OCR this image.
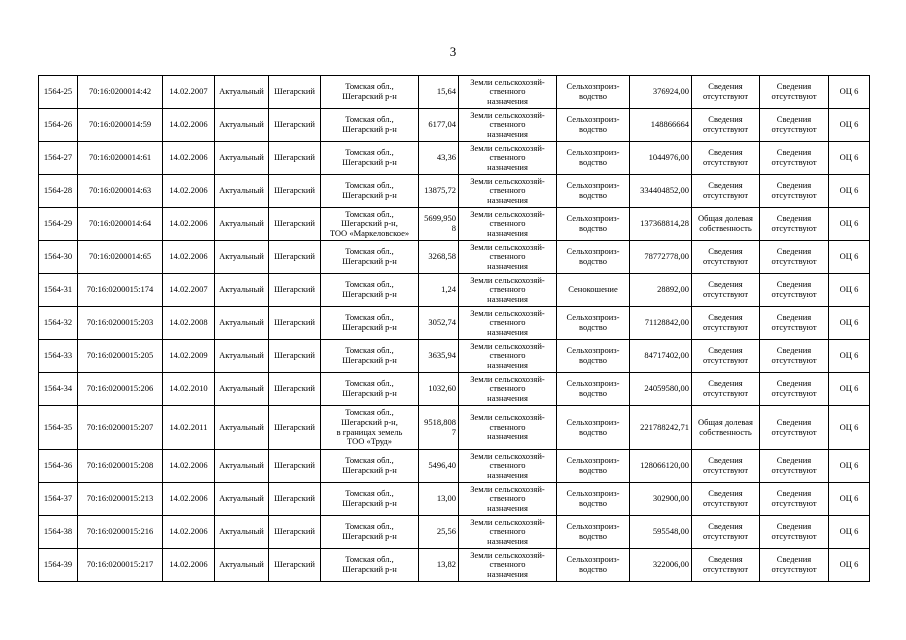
3
1564-25	70:16:0200014:42	14.02.2007	Актуальный	Шегарский	Томская обл.,
Шегарский р-н	15,64	Земли сельскохозяй-
ственного
назначения	Сельхозпроиз-
водство	376924,00	Сведения
отсутствуют	Сведения
отсутствуют	ОЦ 6
1564-26	70:16:0200014:59	14.02.2006	Актуальный	Шегарский	Томская обл.,
Шегарский р-н	6177,04	Земли сельскохозяй-
ственного
назначения	Сельхозпроиз-
водство	148866664	Сведения
отсутствуют	Сведения
отсутствуют	ОЦ 6
1564-27	70:16:0200014:61	14.02.2006	Актуальный	Шегарский	Томская обл.,
Шегарский р-н	43,36	Земли сельскохозяй-
ственного
назначения	Сельхозпроиз-
водство	1044976,00	Сведения
отсутствуют	Сведения
отсутствуют	ОЦ 6
1564-28	70:16:0200014:63	14.02.2006	Актуальный	Шегарский	Томская обл.,
Шегарский р-н	13875,72	Земли сельскохозяй-
ственного
назначения	Сельхозпроиз-
водство	334404852,00	Сведения
отсутствуют	Сведения
отсутствуют	ОЦ 6
1564-29	70:16:0200014:64	14.02.2006	Актуальный	Шегарский	Томская обл.,
Шегарский р-н,
ТОО «Маркеловское»	5699,9508	Земли сельскохозяй-
ственного
назначения	Сельхозпроиз-
водство	137368814,28	Общая долевая
собственность	Сведения
отсутствуют	ОЦ 6
1564-30	70:16:0200014:65	14.02.2006	Актуальный	Шегарский	Томская обл.,
Шегарский р-н	3268,58	Земли сельскохозяй-
ственного
назначения	Сельхозпроиз-
водство	78772778,00	Сведения
отсутствуют	Сведения
отсутствуют	ОЦ 6
1564-31	70:16:0200015:174	14.02.2007	Актуальный	Шегарский	Томская обл.,
Шегарский р-н	1,24	Земли сельскохозяй-
ственного
назначения	Сенокошение	28892,00	Сведения
отсутствуют	Сведения
отсутствуют	ОЦ 6
1564-32	70:16:0200015:203	14.02.2008	Актуальный	Шегарский	Томская обл.,
Шегарский р-н	3052,74	Земли сельскохозяй-
ственного
назначения	Сельхозпроиз-
водство	71128842,00	Сведения
отсутствуют	Сведения
отсутствуют	ОЦ 6
1564-33	70:16:0200015:205	14.02.2009	Актуальный	Шегарский	Томская обл.,
Шегарский р-н	3635,94	Земли сельскохозяй-
ственного
назначения	Сельхозпроиз-
водство	84717402,00	Сведения
отсутствуют	Сведения
отсутствуют	ОЦ 6
1564-34	70:16:0200015:206	14.02.2010	Актуальный	Шегарский	Томская обл.,
Шегарский р-н	1032,60	Земли сельскохозяй-
ственного
назначения	Сельхозпроиз-
водство	24059580,00	Сведения
отсутствуют	Сведения
отсутствуют	ОЦ 6
1564-35	70:16:0200015:207	14.02.2011	Актуальный	Шегарский	Томская обл.,
Шегарский р-н,
в границах земель
ТОО «Труд»	9518,8087	Земли сельскохозяй-
ственного
назначения	Сельхозпроиз-
водство	221788242,71	Общая долевая
собственность	Сведения
отсутствуют	ОЦ 6
1564-36	70:16:0200015:208	14.02.2006	Актуальный	Шегарский	Томская обл.,
Шегарский р-н	5496,40	Земли сельскохозяй-
ственного
назначения	Сельхозпроиз-
водство	128066120,00	Сведения
отсутствуют	Сведения
отсутствуют	ОЦ 6
1564-37	70:16:0200015:213	14.02.2006	Актуальный	Шегарский	Томская обл.,
Шегарский р-н	13,00	Земли сельскохозяй-
ственного
назначения	Сельхозпроиз-
водство	302900,00	Сведения
отсутствуют	Сведения
отсутствуют	ОЦ 6
1564-38	70:16:0200015:216	14.02.2006	Актуальный	Шегарский	Томская обл.,
Шегарский р-н	25,56	Земли сельскохозяй-
ственного
назначения	Сельхозпроиз-
водство	595548,00	Сведения
отсутствуют	Сведения
отсутствуют	ОЦ 6
1564-39	70:16:0200015:217	14.02.2006	Актуальный	Шегарский	Томская обл.,
Шегарский р-н	13,82	Земли сельскохозяй-
ственного
назначения	Сельхозпроиз-
водство	322006,00	Сведения
отсутствуют	Сведения
отсутствуют	ОЦ 6
